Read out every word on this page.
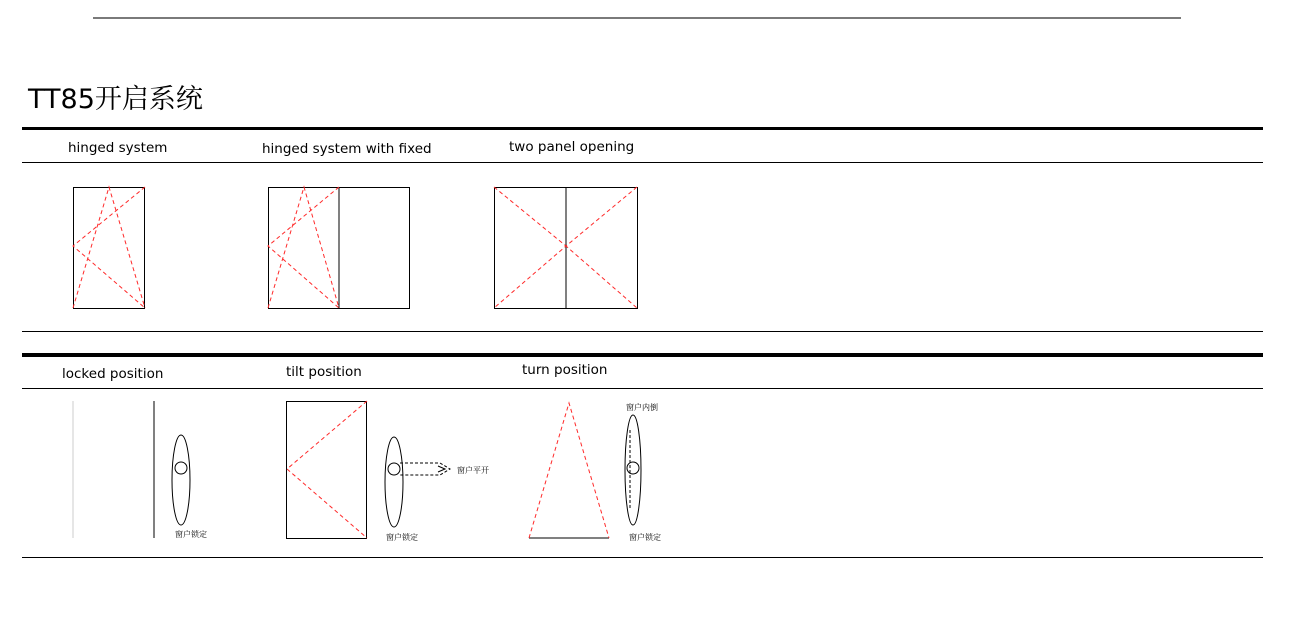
TT85开启系统
hinged system	hinged system with fixed	two panel opening
locked position	tilt position	turn position
窗户锁定
窗户平开
窗户锁定
窗户内倒
窗户锁定
